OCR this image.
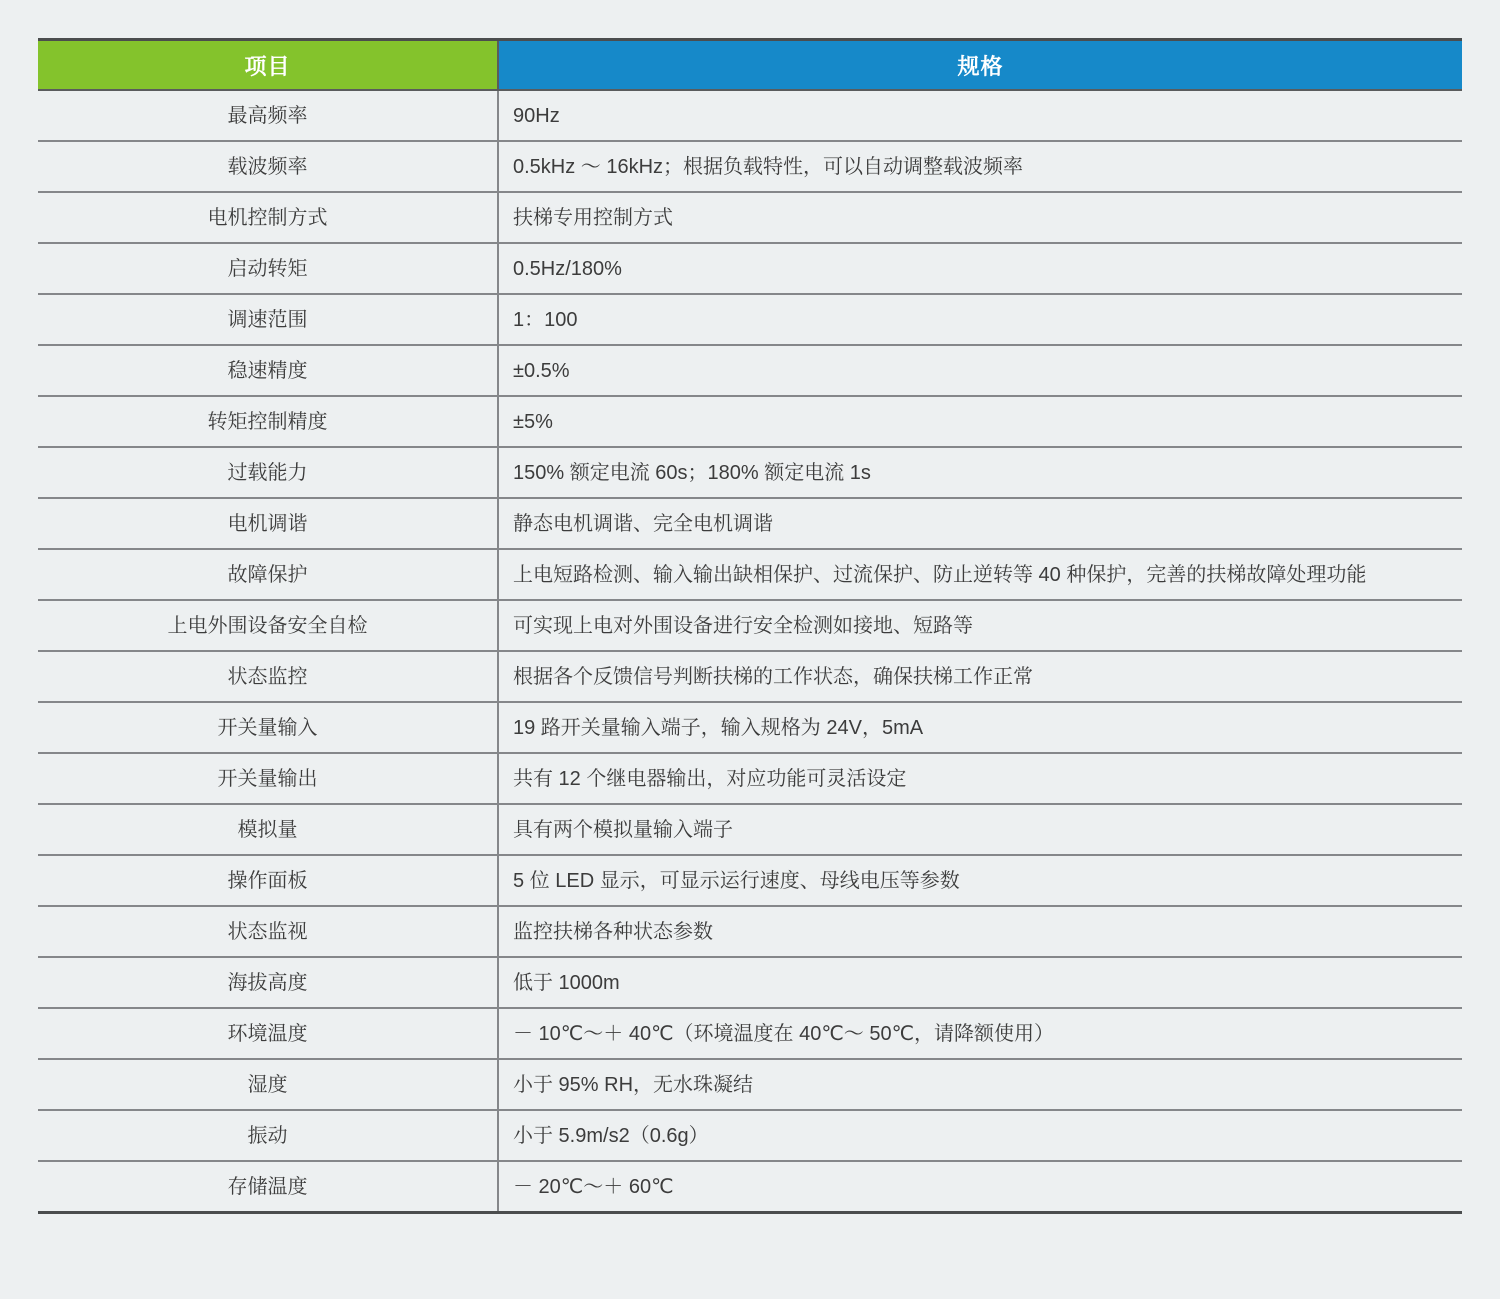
项目	规格
最高频率	90Hz
载波频率	0.5kHz ～ 16kHz；根据负载特性，可以自动调整载波频率
电机控制方式	扶梯专用控制方式
启动转矩	0.5Hz/180%
调速范围	1：100
稳速精度	±0.5%
转矩控制精度	±5%
过载能力	150% 额定电流 60s；180% 额定电流 1s
电机调谐	静态电机调谐、完全电机调谐
故障保护	上电短路检测、输入输出缺相保护、过流保护、防止逆转等 40 种保护，完善的扶梯故障处理功能
上电外围设备安全自检	可实现上电对外围设备进行安全检测如接地、短路等
状态监控	根据各个反馈信号判断扶梯的工作状态，确保扶梯工作正常
开关量输入	19 路开关量输入端子，输入规格为 24V，5mA
开关量输出	共有 12 个继电器输出，对应功能可灵活设定
模拟量	具有两个模拟量输入端子
操作面板	5 位 LED 显示，可显示运行速度、母线电压等参数
状态监视	监控扶梯各种状态参数
海拔高度	低于 1000m
环境温度	－ 10℃～＋ 40℃（环境温度在 40℃～ 50℃，请降额使用）
湿度	小于 95% RH，无水珠凝结
振动	小于 5.9m/s2（0.6g）
存储温度	－ 20℃～＋ 60℃
